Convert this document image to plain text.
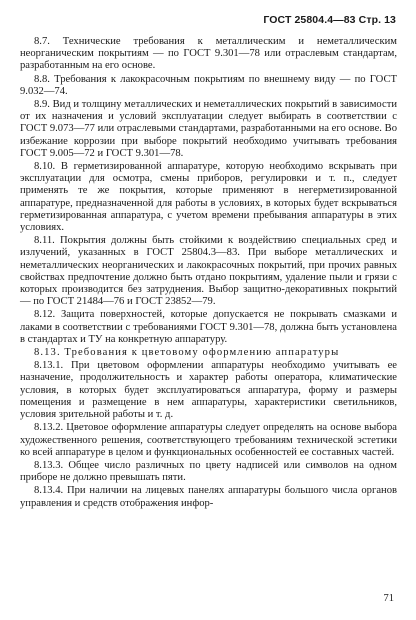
ГОСТ 25804.4—83 Стр. 13

8.7. Технические требования к металлическим и неметаллическим неорганическим покрытиям — по ГОСТ 9.301—78 или отраслевым стандартам, разработанным на его основе.

8.8. Требования к лакокрасочным покрытиям по внешнему виду — по ГОСТ 9.032—74.

8.9. Вид и толщину металлических и неметаллических покрытий в зависимости от их назначения и условий эксплуатации следует выбирать в соответствии с ГОСТ 9.073—77 или отраслевыми стандартами, разработанными на его основе. Во избежание коррозии при выборе покрытий необходимо учитывать требования ГОСТ 9.005—72 и ГОСТ 9.301—78.

8.10. В герметизированной аппаратуре, которую необходимо вскрывать при эксплуатации для осмотра, смены приборов, регулировки и т. п., следует применять те же покрытия, которые применяют в негерметизированной аппаратуре, предназначенной для работы в условиях, в которых будет вскрываться герметизированная аппаратура, с учетом времени пребывания аппаратуры в этих условиях.

8.11. Покрытия должны быть стойкими к воздействию специальных сред и излучений, указанных в ГОСТ 25804.3—83. При выборе металлических и неметаллических неорганических и лакокрасочных покрытий, при прочих равных свойствах предпочтение должно быть отдано покрытиям, удаление пыли и грязи с которых производится без затруднения. Выбор защитно-декоративных покрытий — по ГОСТ 21484—76 и ГОСТ 23852—79.

8.12. Защита поверхностей, которые допускается не покрывать смазками и лаками в соответствии с требованиями ГОСТ 9.301—78, должна быть установлена в стандартах и ТУ на конкретную аппаратуру.

8.13. Требования к цветовому оформлению аппаратуры

8.13.1. При цветовом оформлении аппаратуры необходимо учитывать ее назначение, продолжительность и характер работы оператора, климатические условия, в которых будет эксплуатироваться аппаратура, форму и размеры помещения и размещение в нем аппаратуры, характеристики светильников, условия зрительной работы и т. д.

8.13.2. Цветовое оформление аппаратуры следует определять на основе выбора художественного решения, соответствующего требованиям технической эстетики ко всей аппаратуре в целом и функциональных особенностей ее составных частей.

8.13.3. Общее число различных по цвету надписей или символов на одном приборе не должно превышать пяти.

8.13.4. При наличии на лицевых панелях аппаратуры большого числа органов управления и средств отображения инфор-

71
